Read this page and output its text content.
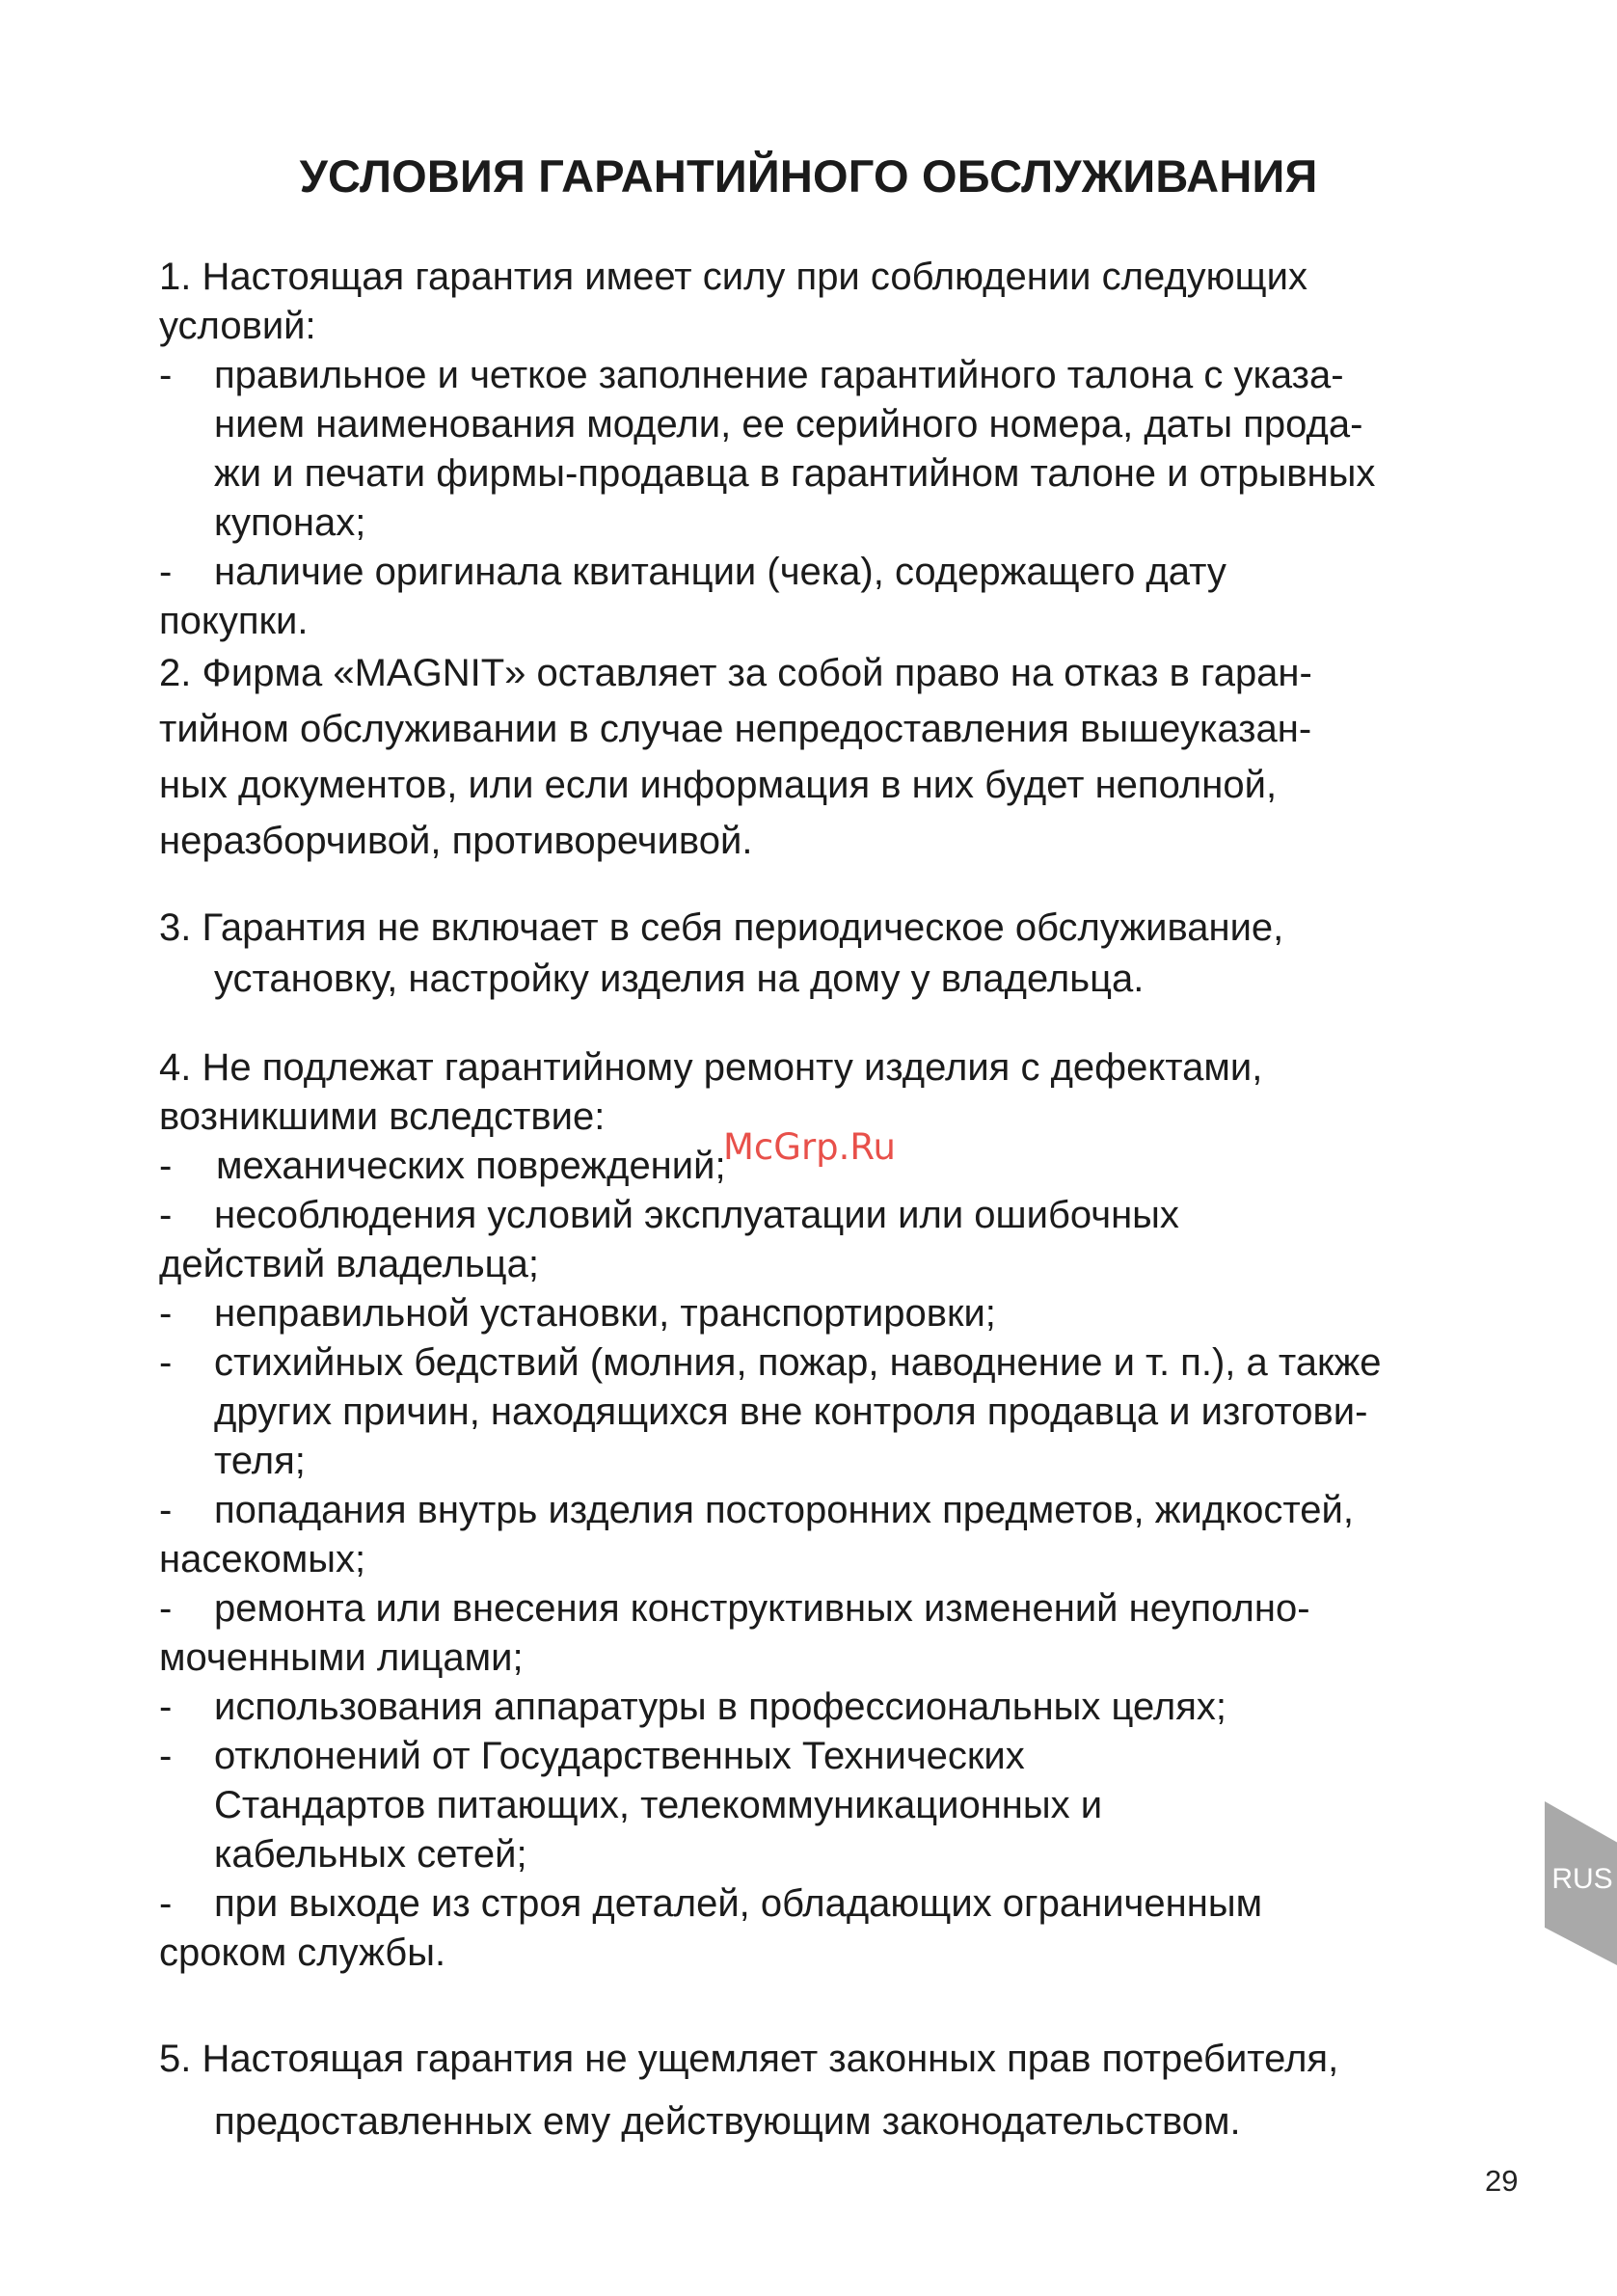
УСЛОВИЯ ГАРАНТИЙНОГО ОБСЛУЖИВАНИЯ
1. Настоящая гарантия имеет силу при соблюдении следующих
условий:
- правильное и четкое заполнение гарантийного талона с указа-
нием наименования модели, ее серийного номера, даты прода-
жи и печати фирмы-продавца в гарантийном талоне и отрывных
купонах;
- наличие оригинала квитанции (чека), содержащего дату
покупки.
2. Фирма «MAGNIT» оставляет за собой право на отказ в гаран-
тийном обслуживании в случае непредоставления вышеуказан-
ных документов, или если информация в них будет неполной,
неразборчивой, противоречивой.
3. Гарантия не включает в себя периодическое обслуживание,
установку, настройку изделия на дому у владельца.
4. Не подлежат гарантийному ремонту изделия с дефектами,
возникшими вследствие:
- механических повреждений;
- несоблюдения условий эксплуатации или ошибочных
действий владельца;
- неправильной установки, транспортировки;
- стихийных бедствий (молния, пожар, наводнение и т. п.), а также
других причин, находящихся вне контроля продавца и изготови-
теля;
- попадания внутрь изделия посторонних предметов, жидкостей,
насекомых;
- ремонта или внесения конструктивных изменений неуполно-
моченными лицами;
- использования аппаратуры в профессиональных целях;
- отклонений от Государственных Технических
Стандартов питающих, телекоммуникационных и
кабельных сетей;
- при выходе из строя деталей, обладающих ограниченным
сроком службы.
5. Настоящая гарантия не ущемляет законных прав потребителя,
предоставленных ему действующим законодательством.
McGrp.Ru
RUS
29
